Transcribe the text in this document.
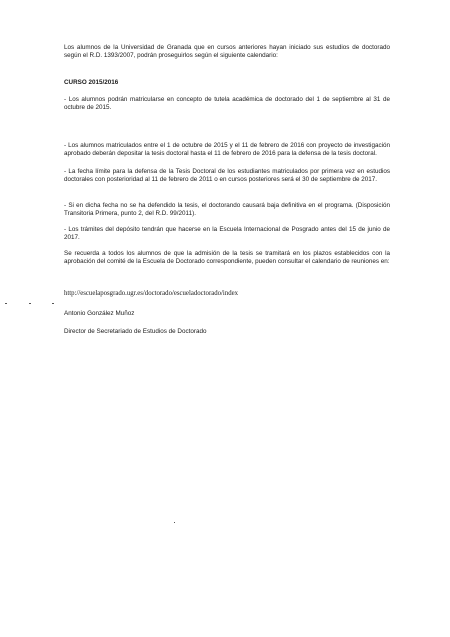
Los alumnos de la Universidad de Granada que en cursos anteriores hayan iniciado sus estudios de doctorado según el R.D. 1393/2007, podrán proseguirlos según el siguiente calendario:

CURSO 2015/2016

- Los alumnos podrán matricularse en concepto de tutela académica de doctorado del 1 de septiembre al 31 de octubre de 2015.

- Los alumnos matriculados entre el 1 de octubre de 2015 y el 11 de febrero de 2016 con proyecto de investigación aprobado deberán depositar la tesis doctoral hasta el 11 de febrero de 2016 para la defensa de la tesis doctoral.

- La fecha límite para la defensa de la Tesis Doctoral de los estudiantes matriculados por primera vez en estudios doctorales con posterioridad al 11 de febrero de 2011 o en cursos posteriores será el 30 de septiembre de 2017.

- Si en dicha fecha no se ha defendido la tesis, el doctorando causará baja definitiva en el programa. (Disposición Transitoria Primera, punto 2, del R.D. 99/2011).

- Los trámites del depósito tendrán que hacerse en la Escuela Internacional de Posgrado antes del 15 de junio de 2017.

Se recuerda a todos los alumnos de que la admisión de la tesis se tramitará en los plazos establecidos con la aprobación del comité de la Escuela de Doctorado correspondiente, pueden consultar el calendario de reuniones en:

http://escuelaposgrado.ugr.es/doctorado/escueladoctorado/index

Antonio González Muñoz

Director de Secretariado de Estudios de Doctorado
